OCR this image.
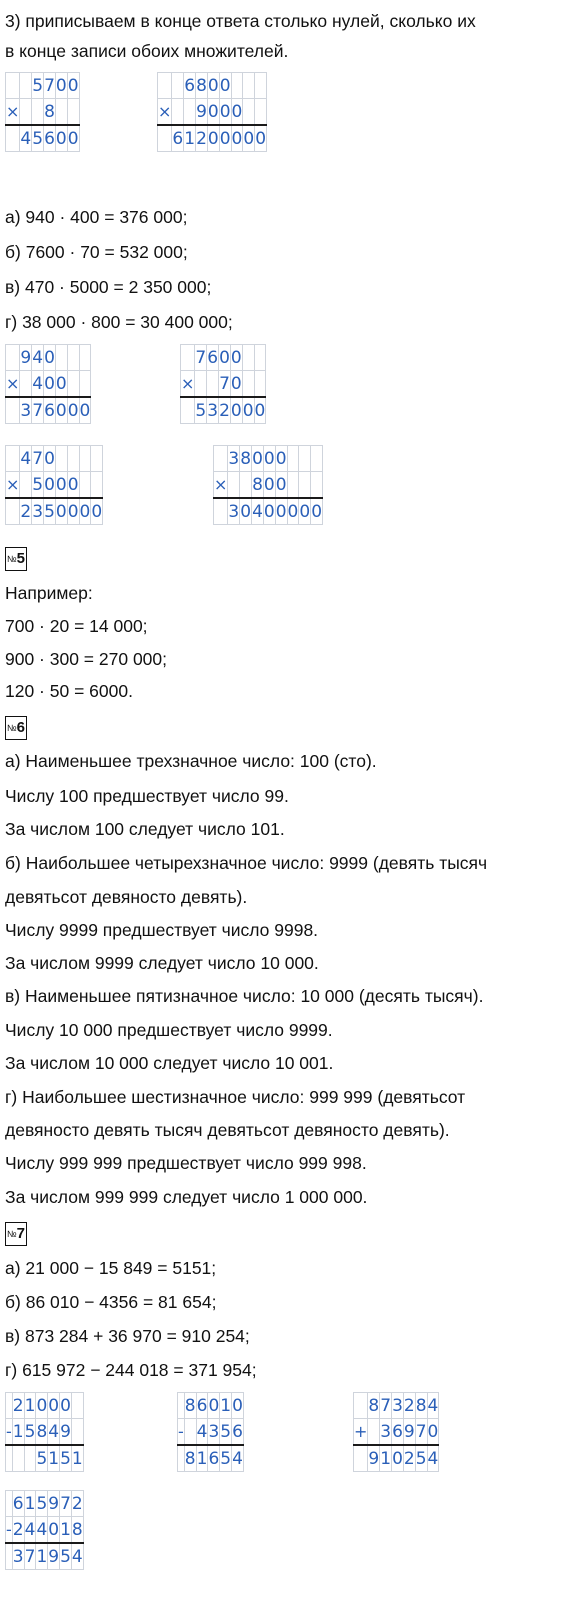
3) приписываем в конце ответа столько нулей, сколько их
в конце записи обоих множителей.
		5	7	0	0
×			8		
	4	5	6	0	0
		6	8	0	0			
×			9	0	0	0		
	6	1	2	0	0	0	0	0
а) 940 · 400 = 376 000;
б) 7600 · 70 = 532 000;
в) 470 · 5000 = 2 350 000;
г) 38 000 · 800 = 30 400 000;
	9	4	0			
×		4	0	0		
	3	7	6	0	0	0
	7	6	0	0		
×			7	0		
	5	3	2	0	0	0
	4	7	0				
×		5	0	0	0		
	2	3	5	0	0	0	0
	3	8	0	0	0			
×			8	0	0			
	3	0	4	0	0	0	0	0
№5
Например:
700 · 20 = 14 000;
900 · 300 = 270 000;
120 · 50 = 6000.
№6
а) Наименьшее трехзначное число: 100 (сто).
Числу 100 предшествует число 99.
За числом 100 следует число 101.
б) Наибольшее четырехзначное число: 9999 (девять тысяч
девятьсот девяносто девять).
Числу 9999 предшествует число 9998.
За числом 9999 следует число 10 000.
в) Наименьшее пятизначное число: 10 000 (десять тысяч).
Числу 10 000 предшествует число 9999.
За числом 10 000 следует число 10 001.
г) Наибольшее шестизначное число: 999 999 (девятьсот
девяносто девять тысяч девятьсот девяносто девять).
Числу 999 999 предшествует число 999 998.
За числом 999 999 следует число 1 000 000.
№7
а) 21 000 − 15 849 = 5151;
б) 86 010 − 4356 = 81 654;
в) 873 284 + 36 970 = 910 254;
г) 615 972 − 244 018 = 371 954;
	2	1	0	0	0	
-	1	5	8	4	9	
			5	1	5	1
	8	6	0	1	0
-		4	3	5	6
	8	1	6	5	4
	8	7	3	2	8	4
+		3	6	9	7	0
	9	1	0	2	5	4
	6	1	5	9	7	2
-	2	4	4	0	1	8
	3	7	1	9	5	4
